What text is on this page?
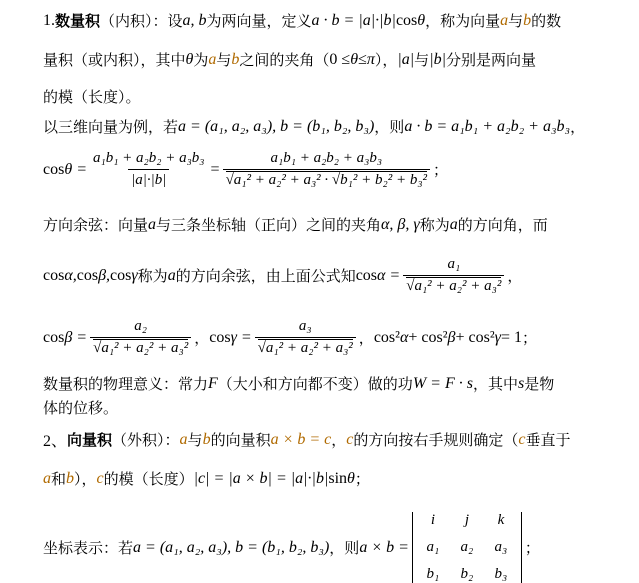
1. 数量积 （内积）：设 a, b 为两向量，定义 a · b = |a|·|b| cos θ ，称为向量 a 与 b 的数
量积（或内积），其中 θ 为 a 与 b 之间的夹角（ 0 ≤ θ ≤ π ）， |a| 与 |b| 分别是两向量
的模（长度）。
以三维向量为例，若 a = (a₁, a₂, a₃), b = (b₁, b₂, b₃) ，则 a · b = a₁b₁ + a₂b₂ + a₃b₃ ，
$\cos \theta = \frac{\text{a₁b₁ + a₂b₂ + a₃b₃}}{|a|\cdot|b|} = a_1b_1 + a_2b_2 + a_3b_3$
√ a₁² + a₂² + a₃² · √b₁² + b₂² + b₃² ；
方向余弦：向量 a 与三条坐标轴（正向）之间的夹角 α, β, γ 称为 a 的方向角，而
cos α, cos β, cos γ 称为 a 的方向余弦，由上面公式知 cos α = a₁
√ a₁² + a₂² + a₃² ，
cos β = a₂
√ a₁² + a₂² + a₃² ， cos γ = a₃
√ a₁² + a₂² + a₃² ， cos² α + cos² β + cos² γ = 1 ；
数量积的物理意义：常力 F （大小和方向都不变）做的功 W = F · s ，其中 s 是物
体的位移。
2、 向量积 （外积）： a 与 b 的向量积 a × b = c ， c 的方向按右手规则确定（ c 垂直于
a 和 b ）， c 的模（长度） |c| = |a × b| = |a|·|b| sin θ ；
坐标表示：若 a = (a₁, a₂, a₃), b = (b₁, b₂, b₃) ，则 a × b =
i	j	k
a₁	a₂	a₃
b₁	b₂	b₃
；
